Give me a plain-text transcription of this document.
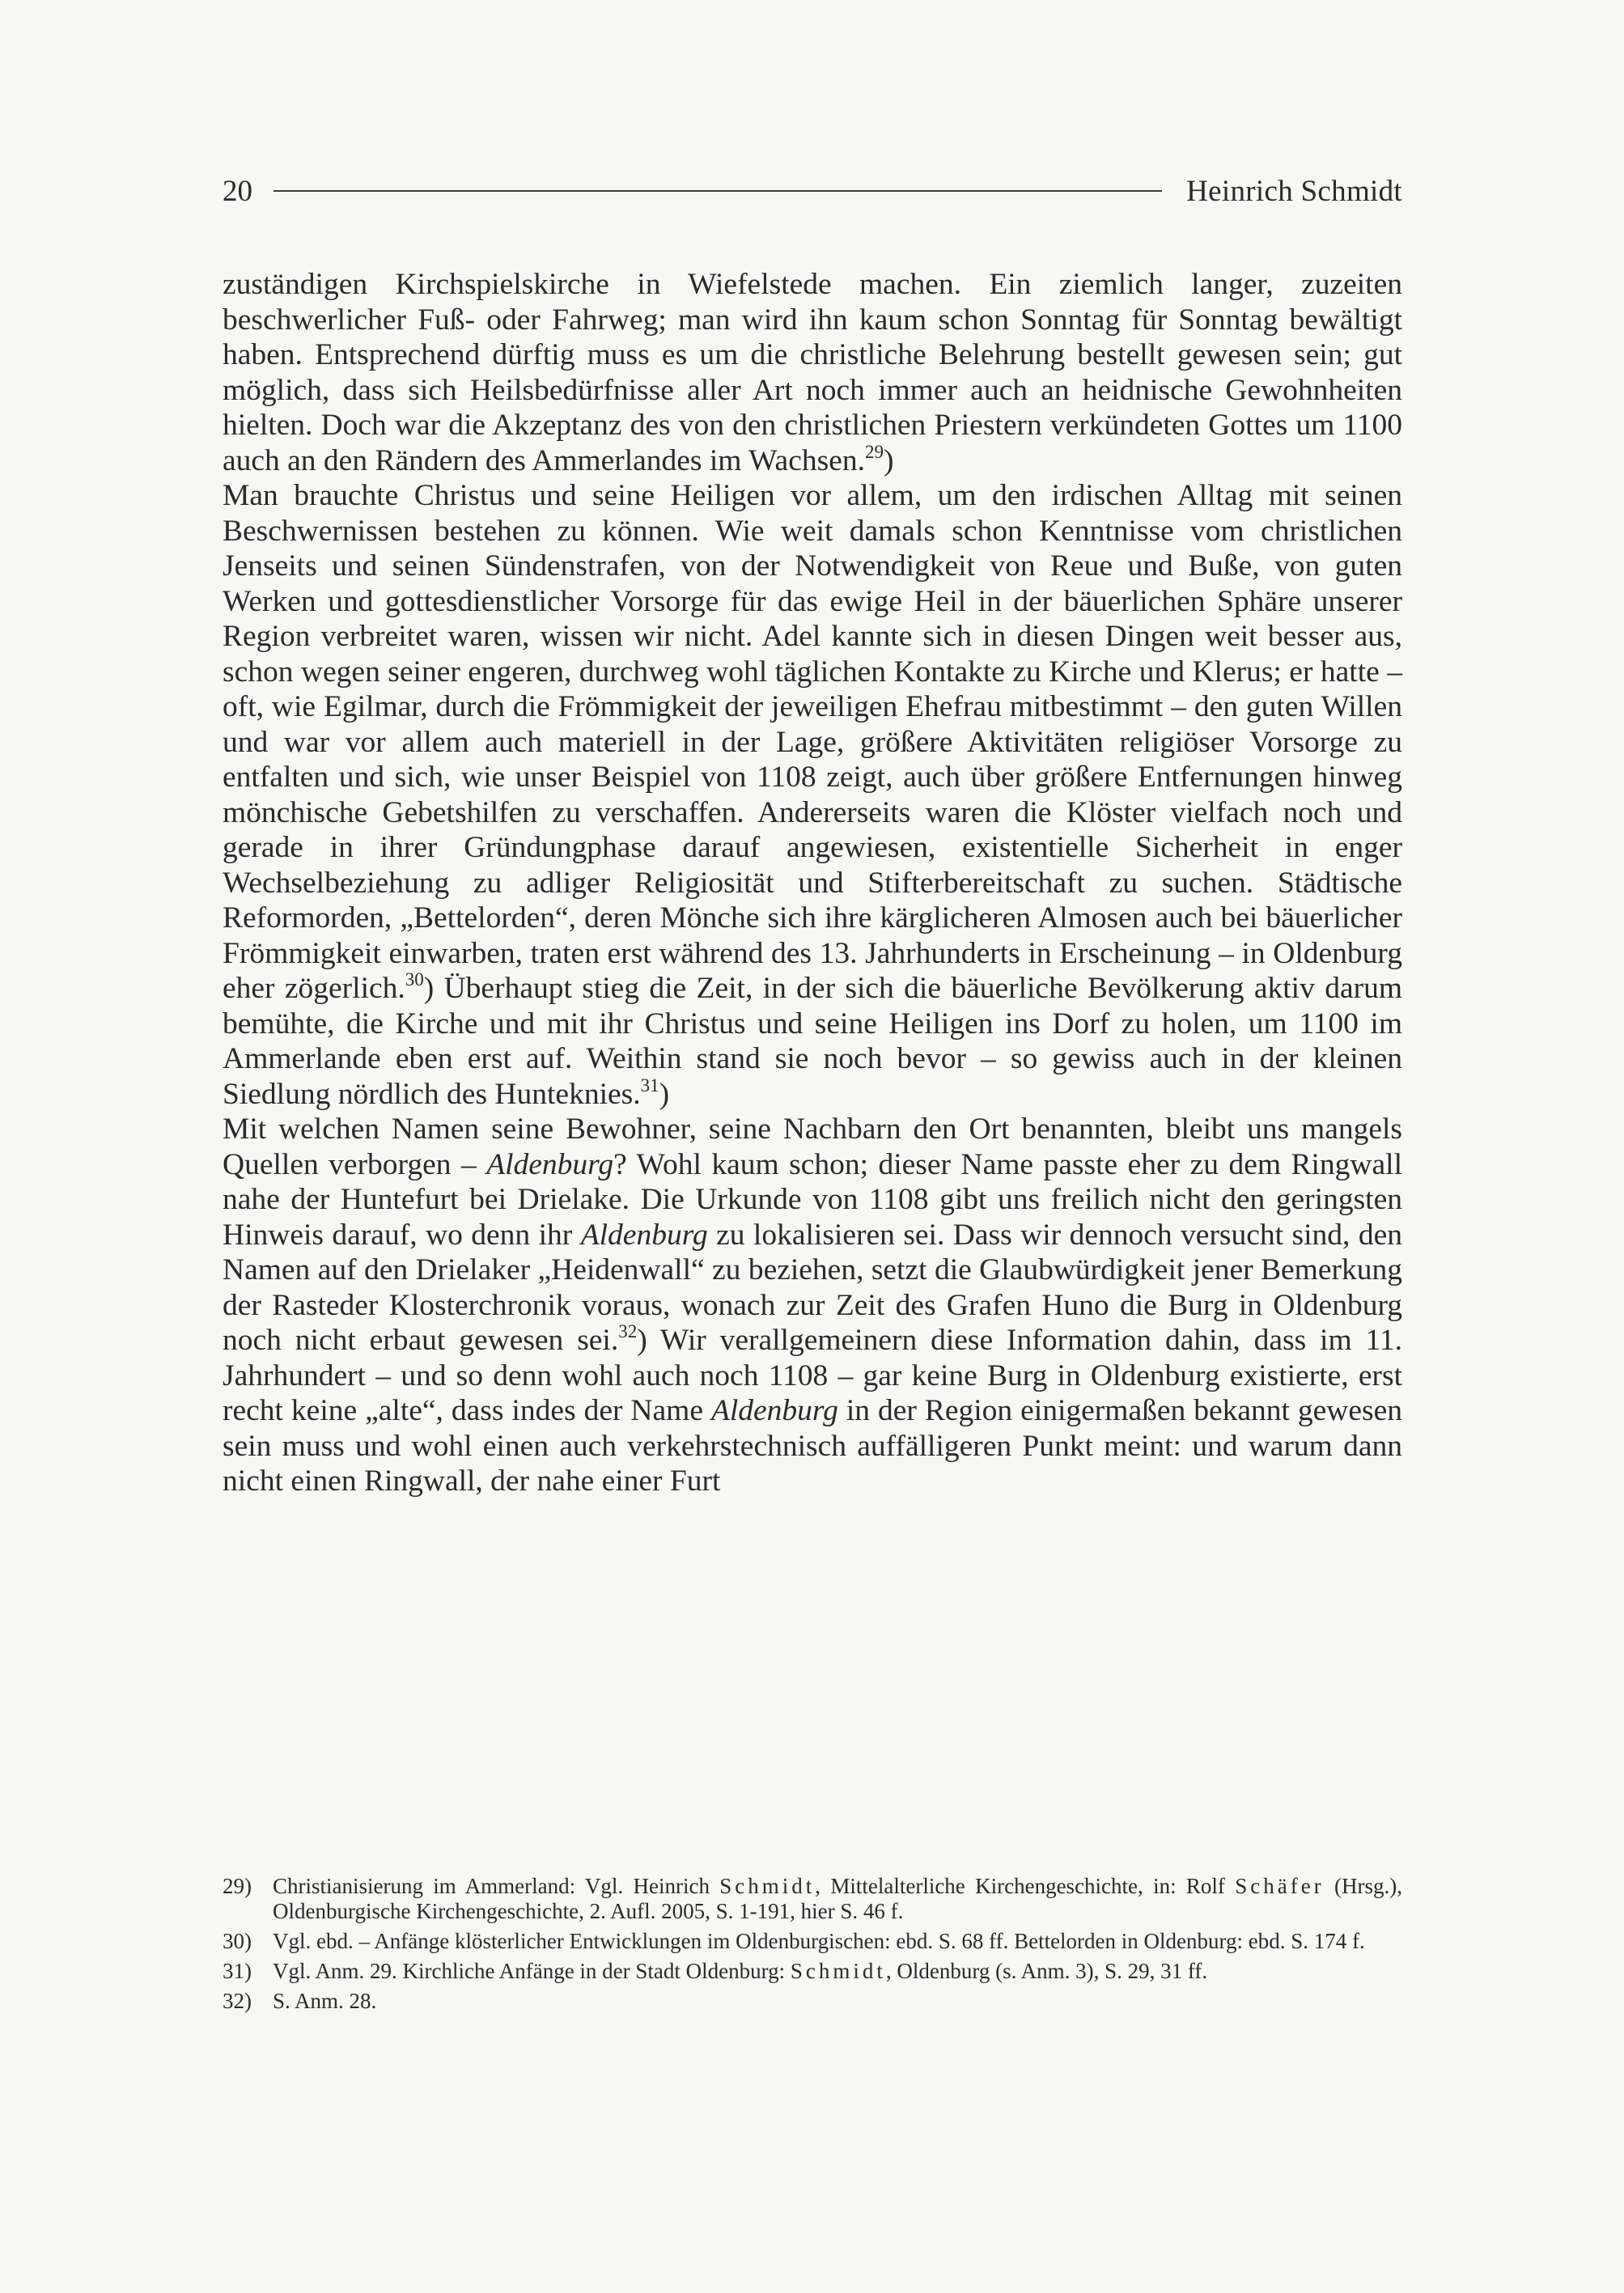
20	Heinrich Schmidt

zuständigen Kirchspielskirche in Wiefelstede machen. Ein ziemlich langer, zuzeiten beschwerlicher Fuß- oder Fahrweg; man wird ihn kaum schon Sonntag für Sonntag bewältigt haben. Entsprechend dürftig muss es um die christliche Belehrung bestellt gewesen sein; gut möglich, dass sich Heilsbedürfnisse aller Art noch immer auch an heidnische Gewohnheiten hielten. Doch war die Akzeptanz des von den christlichen Priestern verkündeten Gottes um 1100 auch an den Rändern des Ammerlandes im Wachsen.$^{29}$)

Man brauchte Christus und seine Heiligen vor allem, um den irdischen Alltag mit seinen Beschwernissen bestehen zu können. Wie weit damals schon Kenntnisse vom christlichen Jenseits und seinen Sündenstrafen, von der Notwendigkeit von Reue und Buße, von guten Werken und gottesdienstlicher Vorsorge für das ewige Heil in der bäuerlichen Sphäre unserer Region verbreitet waren, wissen wir nicht. Adel kannte sich in diesen Dingen weit besser aus, schon wegen seiner engeren, durchweg wohl täglichen Kontakte zu Kirche und Klerus; er hatte – oft, wie Egilmar, durch die Frömmigkeit der jeweiligen Ehefrau mitbestimmt – den guten Willen und war vor allem auch materiell in der Lage, größere Aktivitäten religiöser Vorsorge zu entfalten und sich, wie unser Beispiel von 1108 zeigt, auch über größere Entfernungen hinweg mönchische Gebetshilfen zu verschaffen. Andererseits waren die Klöster vielfach noch und gerade in ihrer Gründungphase darauf angewiesen, existentielle Sicherheit in enger Wechselbeziehung zu adliger Religiosität und Stifterbereitschaft zu suchen. Städtische Reformorden, „Bettelorden“, deren Mönche sich ihre kärglicheren Almosen auch bei bäuerlicher Frömmigkeit einwarben, traten erst während des 13. Jahrhunderts in Erscheinung – in Oldenburg eher zögerlich.$^{30}$) Überhaupt stieg die Zeit, in der sich die bäuerliche Bevölkerung aktiv darum bemühte, die Kirche und mit ihr Christus und seine Heiligen ins Dorf zu holen, um 1100 im Ammerlande eben erst auf. Weithin stand sie noch bevor – so gewiss auch in der kleinen Siedlung nördlich des Hunteknies.$^{31}$)

Mit welchen Namen seine Bewohner, seine Nachbarn den Ort benannten, bleibt uns mangels Quellen verborgen – Aldenburg? Wohl kaum schon; dieser Name passte eher zu dem Ringwall nahe der Huntefurt bei Drielake. Die Urkunde von 1108 gibt uns freilich nicht den geringsten Hinweis darauf, wo denn ihr Aldenburg zu lokalisieren sei. Dass wir dennoch versucht sind, den Namen auf den Drielaker „Heidenwall“ zu beziehen, setzt die Glaubwürdigkeit jener Bemerkung der Rasteder Klosterchronik voraus, wonach zur Zeit des Grafen Huno die Burg in Oldenburg noch nicht erbaut gewesen sei.$^{32}$) Wir verallgemeinern diese Information dahin, dass im 11. Jahrhundert – und so denn wohl auch noch 1108 – gar keine Burg in Oldenburg existierte, erst recht keine „alte“, dass indes der Name Aldenburg in der Region einigermaßen bekannt gewesen sein muss und wohl einen auch verkehrstechnisch auffälligeren Punkt meint: und warum dann nicht einen Ringwall, der nahe einer Furt

29) Christianisierung im Ammerland: Vgl. Heinrich Schmidt, Mittelalterliche Kirchengeschichte, in: Rolf Schäfer (Hrsg.), Oldenburgische Kirchengeschichte, 2. Aufl. 2005, S. 1-191, hier S. 46 f.
30) Vgl. ebd. – Anfänge klösterlicher Entwicklungen im Oldenburgischen: ebd. S. 68 ff. Bettelorden in Oldenburg: ebd. S. 174 f.
31) Vgl. Anm. 29. Kirchliche Anfänge in der Stadt Oldenburg: Schmidt, Oldenburg (s. Anm. 3), S. 29, 31 ff.
32) S. Anm. 28.
